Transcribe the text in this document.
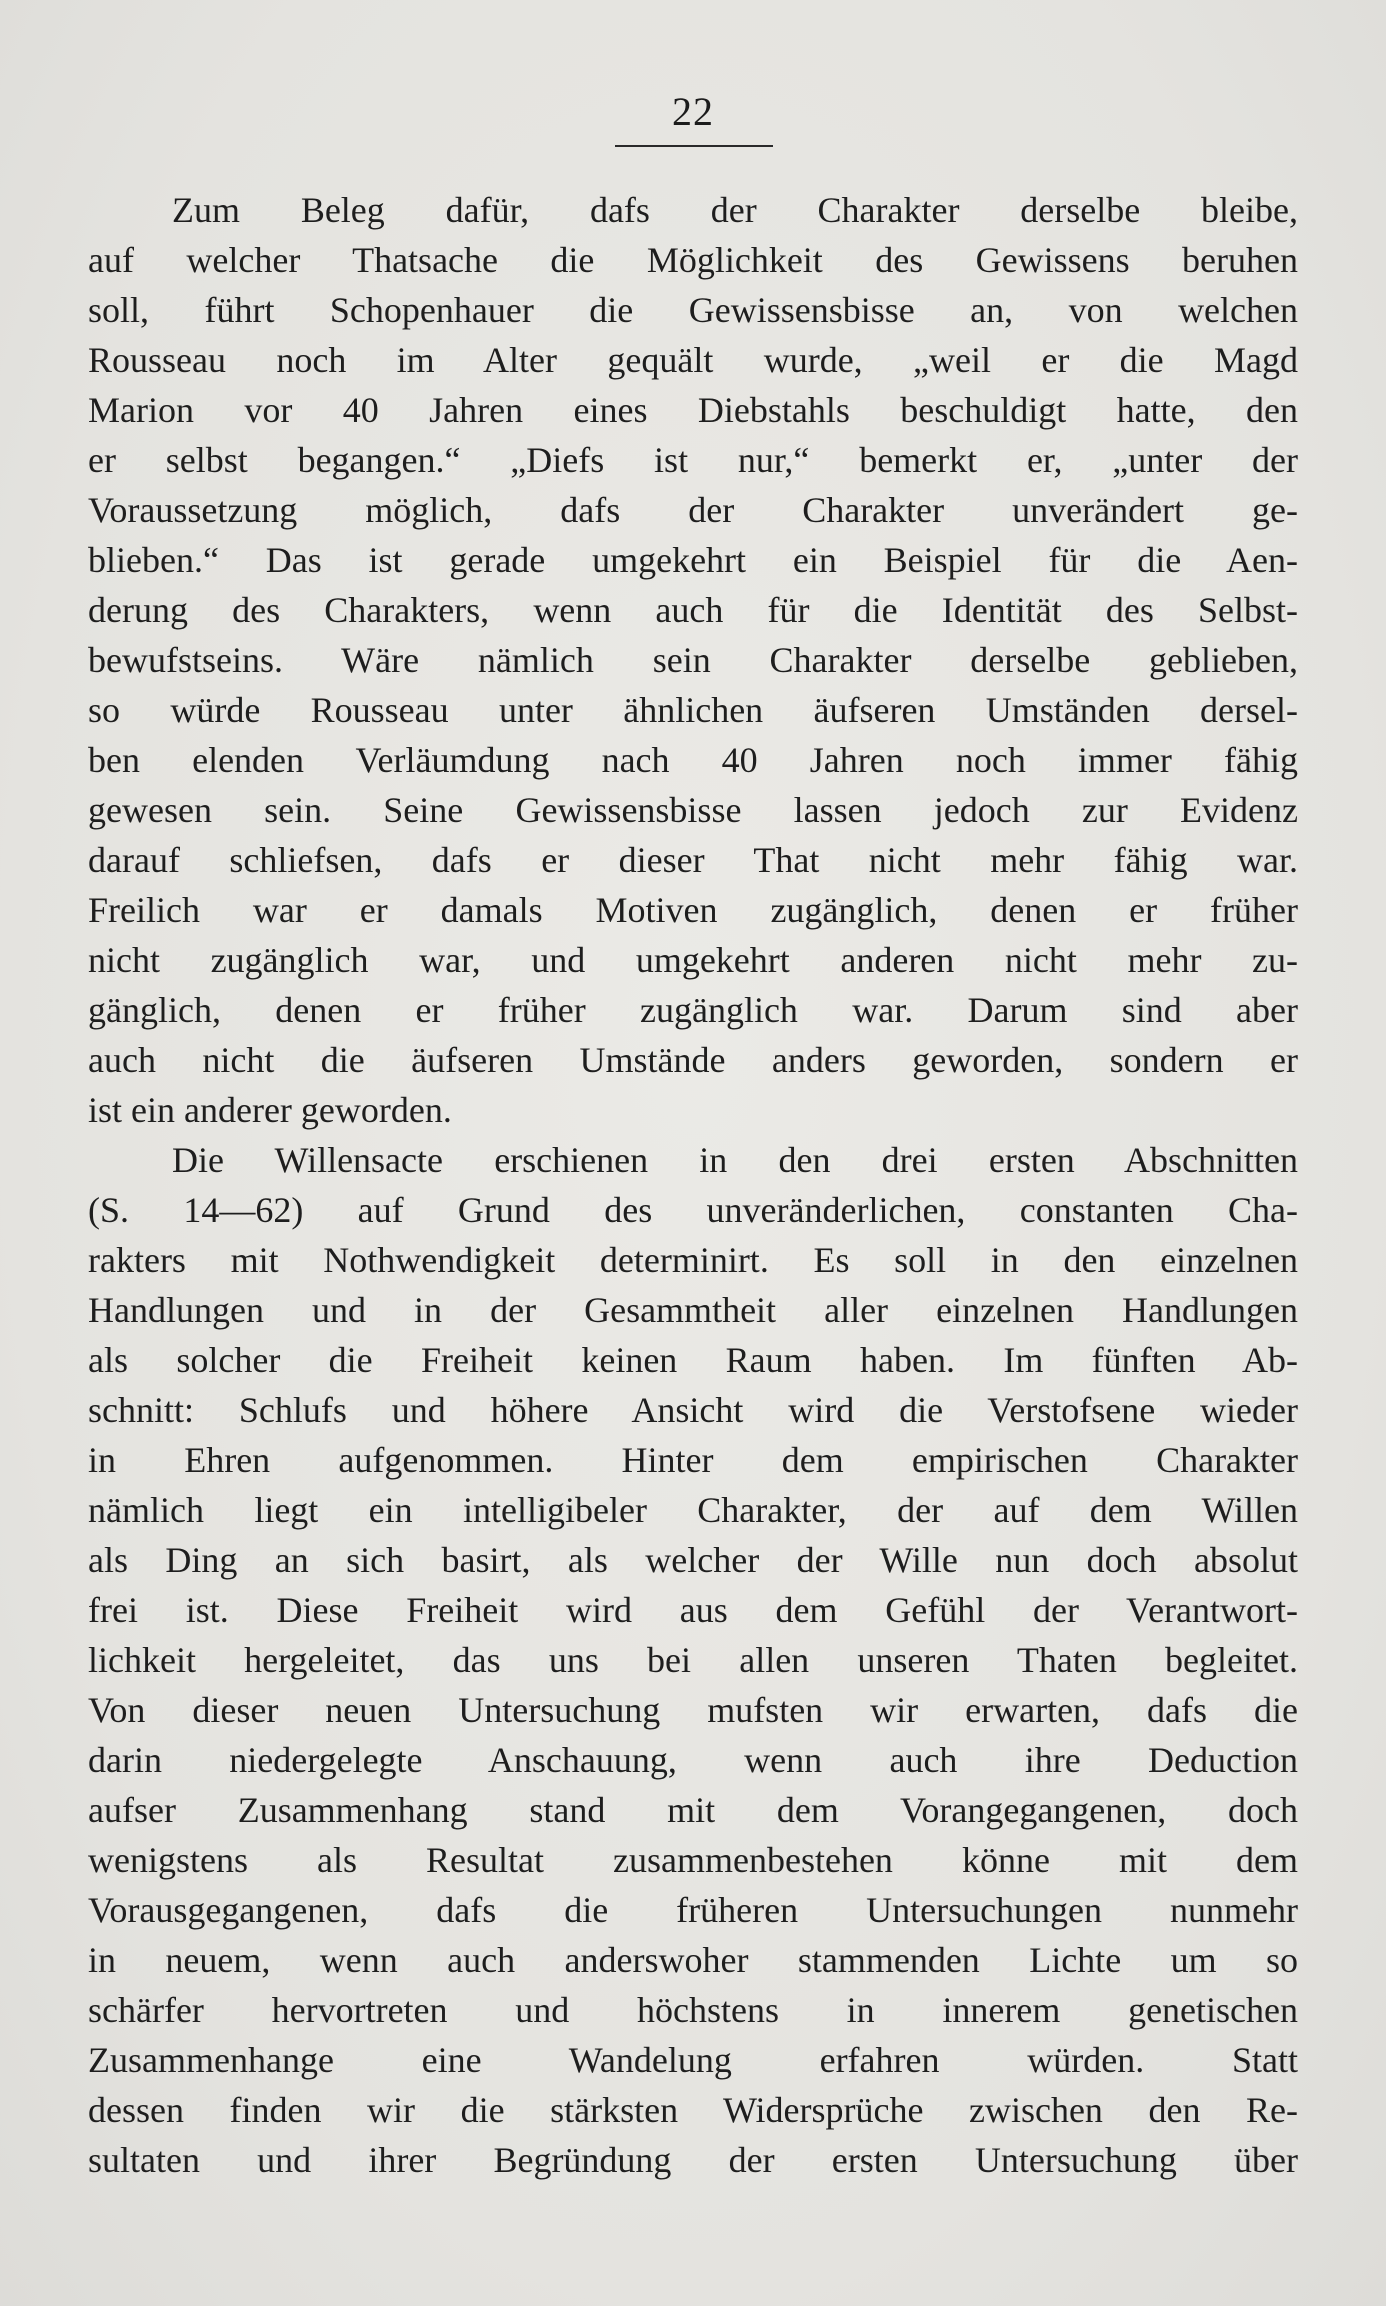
22
Zum Beleg dafür, dafs der Charakter derselbe bleibe,
auf welcher Thatsache die Möglichkeit des Gewissens beruhen
soll, führt Schopenhauer die Gewissensbisse an, von welchen
Rousseau noch im Alter gequält wurde, „weil er die Magd
Marion vor 40 Jahren eines Diebstahls beschuldigt hatte, den
er selbst begangen.“ „Diefs ist nur,“ bemerkt er, „unter der
Voraussetzung möglich, dafs der Charakter unverändert ge-
blieben.“ Das ist gerade umgekehrt ein Beispiel für die Aen-
derung des Charakters, wenn auch für die Identität des Selbst-
bewufstseins. Wäre nämlich sein Charakter derselbe geblieben,
so würde Rousseau unter ähnlichen äufseren Umständen dersel-
ben elenden Verläumdung nach 40 Jahren noch immer fähig
gewesen sein. Seine Gewissensbisse lassen jedoch zur Evidenz
darauf schliefsen, dafs er dieser That nicht mehr fähig war.
Freilich war er damals Motiven zugänglich, denen er früher
nicht zugänglich war, und umgekehrt anderen nicht mehr zu-
gänglich, denen er früher zugänglich war. Darum sind aber
auch nicht die äufseren Umstände anders geworden, sondern er
ist ein anderer geworden.
Die Willensacte erschienen in den drei ersten Abschnitten
(S. 14—62) auf Grund des unveränderlichen, constanten Cha-
rakters mit Nothwendigkeit determinirt. Es soll in den einzelnen
Handlungen und in der Gesammtheit aller einzelnen Handlungen
als solcher die Freiheit keinen Raum haben. Im fünften Ab-
schnitt: Schlufs und höhere Ansicht wird die Verstofsene wieder
in Ehren aufgenommen. Hinter dem empirischen Charakter
nämlich liegt ein intelligibeler Charakter, der auf dem Willen
als Ding an sich basirt, als welcher der Wille nun doch absolut
frei ist. Diese Freiheit wird aus dem Gefühl der Verantwort-
lichkeit hergeleitet, das uns bei allen unseren Thaten begleitet.
Von dieser neuen Untersuchung mufsten wir erwarten, dafs die
darin niedergelegte Anschauung, wenn auch ihre Deduction
aufser Zusammenhang stand mit dem Vorangegangenen, doch
wenigstens als Resultat zusammenbestehen könne mit dem
Vorausgegangenen, dafs die früheren Untersuchungen nunmehr
in neuem, wenn auch anderswoher stammenden Lichte um so
schärfer hervortreten und höchstens in innerem genetischen
Zusammenhange eine Wandelung erfahren würden. Statt
dessen finden wir die stärksten Widersprüche zwischen den Re-
sultaten und ihrer Begründung der ersten Untersuchung über
